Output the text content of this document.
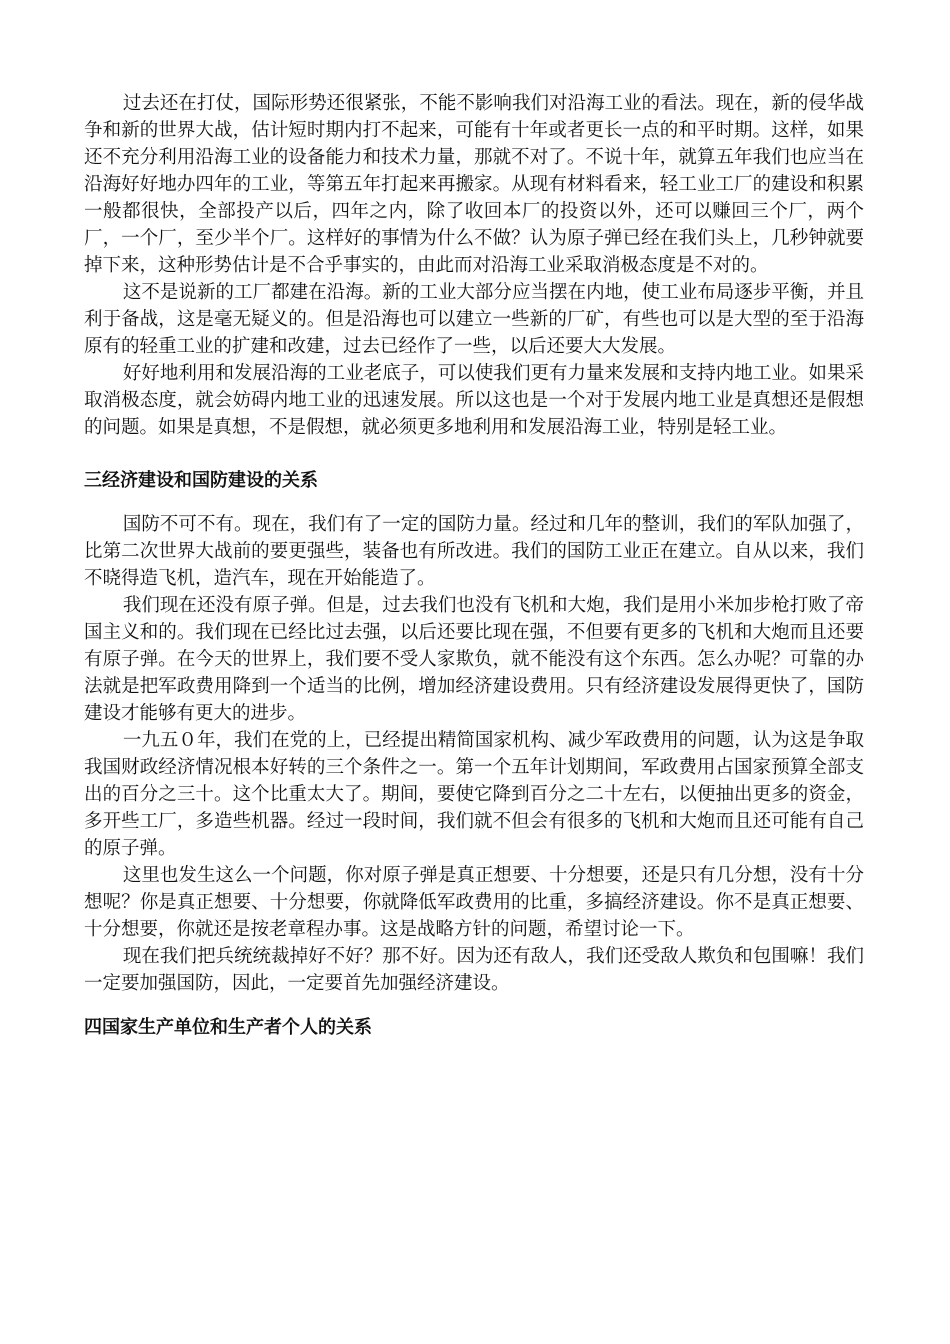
过去还在打仗，国际形势还很紧张，不能不影响我们对沿海工业的看法。现在，新的侵华战争和新的世界大战，估计短时期内打不起来，可能有十年或者更长一点的和平时期。这样，如果还不充分利用沿海工业的设备能力和技术力量，那就不对了。不说十年，就算五年我们也应当在沿海好好地办四年的工业，等第五年打起来再搬家。从现有材料看来，轻工业工厂的建设和积累一般都很快，全部投产以后，四年之内，除了收回本厂的投资以外，还可以赚回三个厂，两个厂，一个厂，至少半个厂。这样好的事情为什么不做？认为原子弹已经在我们头上，几秒钟就要掉下来，这种形势估计是不合乎事实的，由此而对沿海工业采取消极态度是不对的。

这不是说新的工厂都建在沿海。新的工业大部分应当摆在内地，使工业布局逐步平衡，并且利于备战，这是毫无疑义的。但是沿海也可以建立一些新的厂矿，有些也可以是大型的至于沿海原有的轻重工业的扩建和改建，过去已经作了一些，以后还要大大发展。

好好地利用和发展沿海的工业老底子，可以使我们更有力量来发展和支持内地工业。如果采取消极态度，就会妨碍内地工业的迅速发展。所以这也是一个对于发展内地工业是真想还是假想的问题。如果是真想，不是假想，就必须更多地利用和发展沿海工业，特别是轻工业。

三经济建设和国防建设的关系

国防不可不有。现在，我们有了一定的国防力量。经过和几年的整训，我们的军队加强了，比第二次世界大战前的要更强些，装备也有所改进。我们的国防工业正在建立。自从以来，我们不晓得造飞机，造汽车，现在开始能造了。

我们现在还没有原子弹。但是，过去我们也没有飞机和大炮，我们是用小米加步枪打败了帝国主义和的。我们现在已经比过去强，以后还要比现在强，不但要有更多的飞机和大炮而且还要有原子弹。在今天的世界上，我们要不受人家欺负，就不能没有这个东西。怎么办呢？可靠的办法就是把军政费用降到一个适当的比例，增加经济建设费用。只有经济建设发展得更快了，国防建设才能够有更大的进步。

一九五０年，我们在党的上，已经提出精简国家机构、减少军政费用的问题，认为这是争取我国财政经济情况根本好转的三个条件之一。第一个五年计划期间，军政费用占国家预算全部支出的百分之三十。这个比重太大了。期间，要使它降到百分之二十左右，以便抽出更多的资金，多开些工厂，多造些机器。经过一段时间，我们就不但会有很多的飞机和大炮而且还可能有自己的原子弹。

这里也发生这么一个问题，你对原子弹是真正想要、十分想要，还是只有几分想，没有十分想呢？你是真正想要、十分想要，你就降低军政费用的比重，多搞经济建设。你不是真正想要、十分想要，你就还是按老章程办事。这是战略方针的问题，希望讨论一下。

现在我们把兵统统裁掉好不好？那不好。因为还有敌人，我们还受敌人欺负和包围嘛！我们一定要加强国防，因此，一定要首先加强经济建设。

四国家生产单位和生产者个人的关系
